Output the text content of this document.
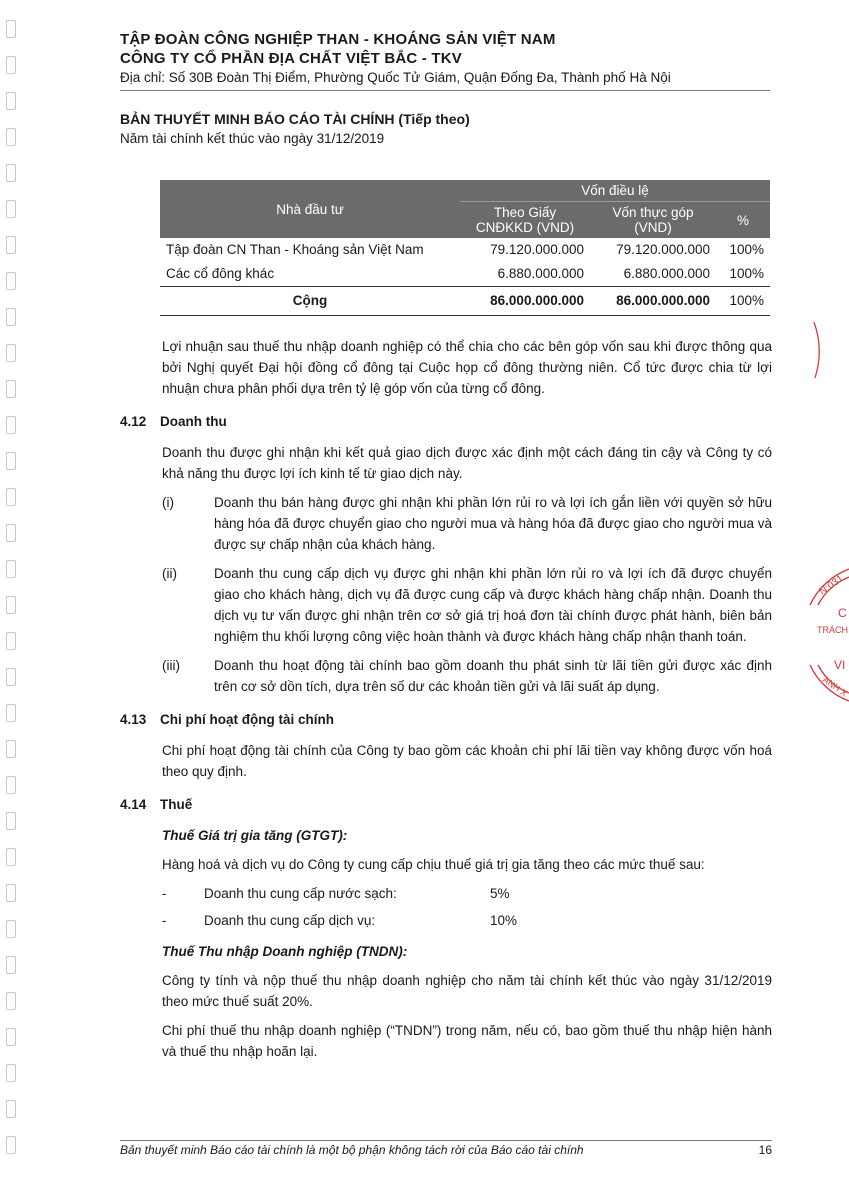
TẬP ĐOÀN CÔNG NGHIỆP THAN - KHOÁNG SẢN VIỆT NAM
CÔNG TY CỔ PHẦN ĐỊA CHẤT VIỆT BẮC - TKV
Địa chỉ: Số 30B Đoàn Thị Điểm, Phường Quốc Tử Giám, Quận Đống Đa, Thành phố Hà Nội
BẢN THUYẾT MINH BÁO CÁO TÀI CHÍNH (Tiếp theo)
Năm tài chính kết thúc vào ngày 31/12/2019
Nhà đầu tư	Vốn điều lệ		
	Theo Giấy CNĐKKD (VND)	Vốn thực góp (VND)	%
Tập đoàn CN Than - Khoáng sản Việt Nam	79.120.000.000	79.120.000.000	100%
Các cổ đông khác	6.880.000.000	6.880.000.000	100%
Cộng	86.000.000.000	86.000.000.000	100%
Lợi nhuận sau thuế thu nhập doanh nghiệp có thể chia cho các bên góp vốn sau khi được thông qua bởi Nghị quyết Đại hội đồng cổ đông tại Cuộc họp cổ đông thường niên. Cổ tức được chia từ lợi nhuận chưa phân phối dựa trên tỷ lệ góp vốn của từng cổ đông.
4.12 Doanh thu
Doanh thu được ghi nhận khi kết quả giao dịch được xác định một cách đáng tin cậy và Công ty có khả năng thu được lợi ích kinh tế từ giao dịch này.
(i)	Doanh thu bán hàng được ghi nhận khi phần lớn rủi ro và lợi ích gắn liền với quyền sở hữu hàng hóa đã được chuyển giao cho người mua và hàng hóa đã được giao cho người mua và được sự chấp nhận của khách hàng.
(ii)	Doanh thu cung cấp dịch vụ được ghi nhận khi phần lớn rủi ro và lợi ích đã được chuyển giao cho khách hàng, dịch vụ đã được cung cấp và được khách hàng chấp nhận. Doanh thu dịch vụ tư vấn được ghi nhận trên cơ sở giá trị hoá đơn tài chính được phát hành, biên bản nghiệm thu khối lượng công việc hoàn thành và được khách hàng chấp nhận thanh toán.
(iii)	Doanh thu hoạt động tài chính bao gồm doanh thu phát sinh từ lãi tiền gửi được xác định trên cơ sở dồn tích, dựa trên số dư các khoản tiền gửi và lãi suất áp dụng.
4.13 Chi phí hoạt động tài chính
Chi phí hoạt động tài chính của Công ty bao gồm các khoản chi phí lãi tiền vay không được vốn hoá theo quy định.
4.14 Thuế
Thuế Giá trị gia tăng (GTGT):
Hàng hoá và dịch vụ do Công ty cung cấp chịu thuế giá trị gia tăng theo các mức thuế sau:
-	Doanh thu cung cấp nước sạch:	5%
-	Doanh thu cung cấp dịch vụ:	10%
Thuế Thu nhập Doanh nghiệp (TNDN):
Công ty tính và nộp thuế thu nhập doanh nghiệp cho năm tài chính kết thúc vào ngày 31/12/2019 theo mức thuế suất 20%.
Chi phí thuế thu nhập doanh nghiệp (“TNDN”) trong năm, nếu có, bao gồm thuế thu nhập hiện hành và thuế thu nhập hoãn lại.
Bản thuyết minh Báo cáo tài chính là một bộ phận không tách rời của Báo cáo tài chính	16
N:031
C
TRÁCH
VI
ANH X
